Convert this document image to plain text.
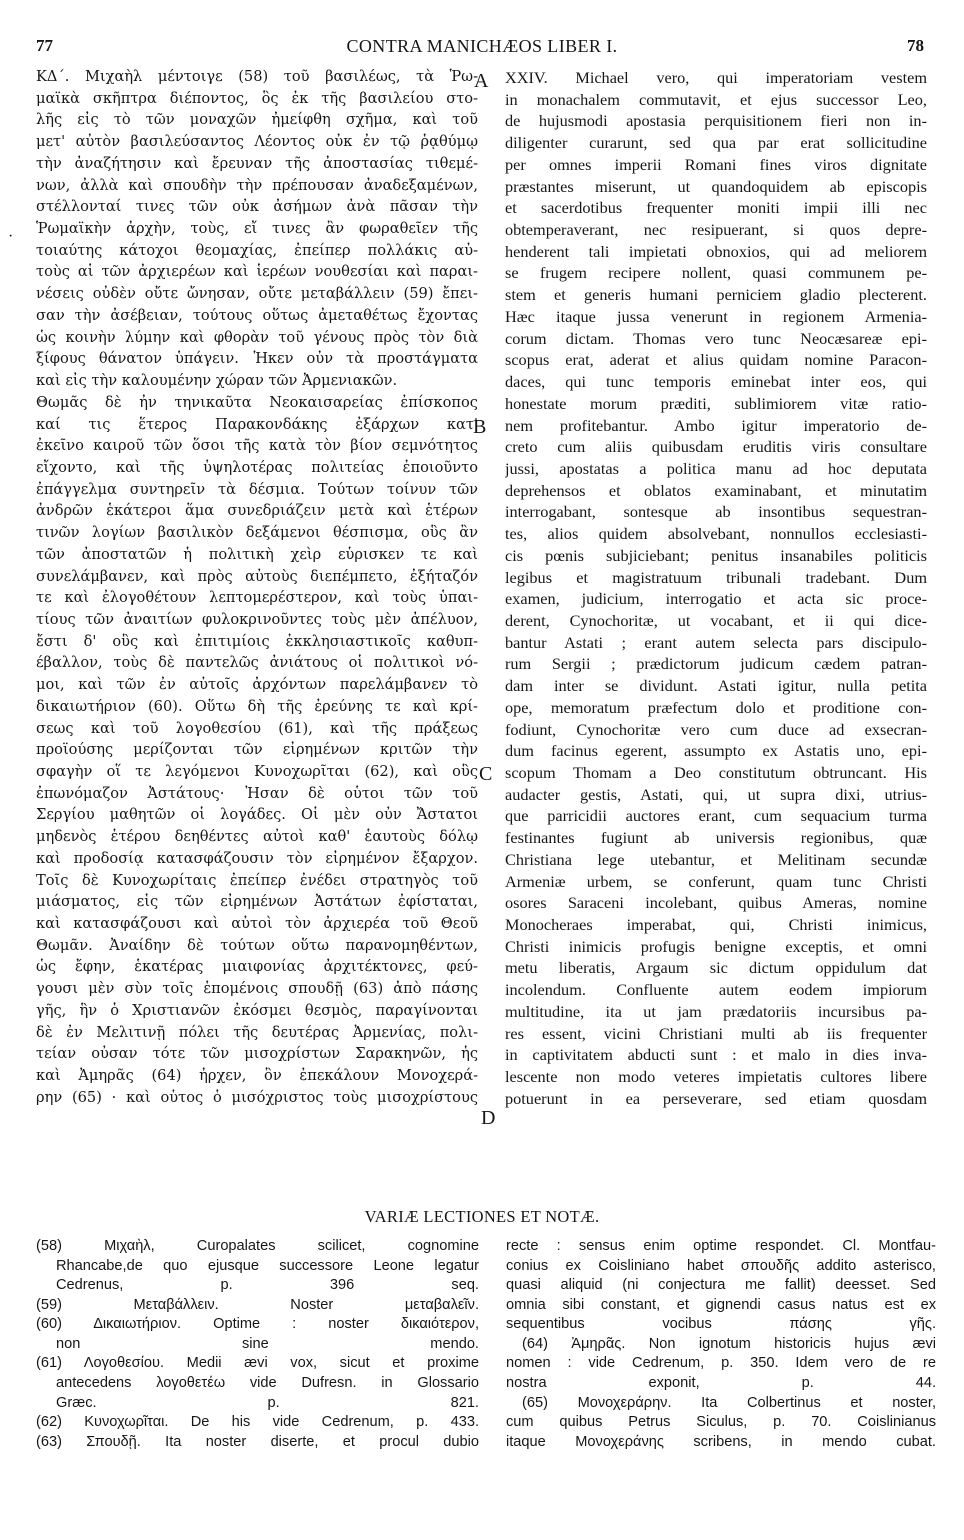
77	CONTRA MANICHÆOS LIBER I.	78
ΚΔ΄. Μιχαὴλ μέντοιγε (58) τοῦ βασιλέως, τὰ Ῥω-
μαϊκὰ σκῆπτρα διέποντος, ὃς ἐκ τῆς βασιλείου στο-
λῆς εἰς τὸ τῶν μοναχῶν ἠμείφθη σχῆμα, καὶ τοῦ
μετ' αὐτὸν βασιλεύσαντος Λέοντος οὐκ ἐν τῷ ῥᾳθύμῳ
τὴν ἀναζήτησιν καὶ ἔρευναν τῆς ἀποστασίας τιθεμέ-
νων, ἀλλὰ καὶ σπουδὴν τὴν πρέπουσαν ἀναδεξαμένων,
στέλλονταί τινες τῶν οὐκ ἀσήμων ἀνὰ πᾶσαν τὴν
Ῥωμαϊκὴν ἀρχὴν, τοὺς, εἴ τινες ἂν φωραθεῖεν τῆς
τοιαύτης κάτοχοι θεομαχίας, ἐπείπερ πολλάκις αὐ-
τοὺς αἱ τῶν ἀρχιερέων καὶ ἱερέων νουθεσίαι καὶ παραι-
νέσεις οὐδὲν οὔτε ὤνησαν, οὔτε μεταβάλλειν (59) ἔπει-
σαν τὴν ἀσέβειαν, τούτους οὕτως ἀμεταθέτως ἔχοντας
ὡς κοινὴν λύμην καὶ φθορὰν τοῦ γένους πρὸς τὸν διὰ
ξίφους θάνατον ὑπάγειν. Ἧκεν οὖν τὰ προστάγματα
καὶ εἰς τὴν καλουμένην χώραν τῶν Ἀρμενιακῶν.
Θωμᾶς δὲ ἦν τηνικαῦτα Νεοκαισαρείας ἐπίσκοπος
καί τις ἕτερος Παρακονδάκης ἐξάρχων κατ'
ἐκεῖνο καιροῦ τῶν ὅσοι τῆς κατὰ τὸν βίον σεμνότητος
εἴχοντο, καὶ τῆς ὑψηλοτέρας πολιτείας ἐποιοῦντο
ἐπάγγελμα συντηρεῖν τὰ δέσμια. Τούτων τοίνυν τῶν
ἀνδρῶν ἑκάτεροι ἅμα συνεδριάζειν μετὰ καὶ ἑτέρων
τινῶν λογίων βασιλικὸν δεξάμενοι θέσπισμα, οὓς ἂν
τῶν ἀποστατῶν ἡ πολιτικὴ χεὶρ εὑρισκεν τε καὶ
συνελάμβανεν, καὶ πρὸς αὐτοὺς διεπέμπετο, ἐξήταζόν
τε καὶ ἐλογοθέτουν λεπτομερέστερον, καὶ τοὺς ὑπαι-
τίους τῶν ἀναιτίων φυλοκρινοῦντες τοὺς μὲν ἀπέλυον,
ἔστι δ' οὓς καὶ ἐπιτιμίοις ἐκκλησιαστικοῖς καθυπ-
έβαλλον, τοὺς δὲ παντελῶς ἀνιάτους οἱ πολιτικοὶ νό-
μοι, καὶ τῶν ἐν αὐτοῖς ἀρχόντων παρελάμβανεν τὸ
δικαιωτήριον (60). Οὕτω δὴ τῆς ἐρεύνης τε καὶ κρί-
σεως καὶ τοῦ λογοθεσίου (61), καὶ τῆς πράξεως
προϊούσης μερίζονται τῶν εἰρημένων κριτῶν τὴν
σφαγὴν οἵ τε λεγόμενοι Κυνοχωρῖται (62), καὶ οὓς
ἐπωνόμαζον Ἀστάτους· Ἦσαν δὲ οὗτοι τῶν τοῦ
Σεργίου μαθητῶν οἱ λογάδες. Οἱ μὲν οὖν Ἄστατοι
μηδενὸς ἑτέρου δεηθέντες αὐτοὶ καθ' ἑαυτοὺς δόλῳ
καὶ προδοσίᾳ κατασφάζουσιν τὸν εἰρημένον ἔξαρχον.
Τοῖς δὲ Κυνοχωρίταις ἐπείπερ ἐνέδει στρατηγὸς τοῦ
μιάσματος, εἷς τῶν εἰρημένων Ἀστάτων ἐφίσταται,
καὶ κατασφάζουσι καὶ αὐτοὶ τὸν ἀρχιερέα τοῦ Θεοῦ
Θωμᾶν. Ἀναίδην δὲ τούτων οὕτω παρανομηθέντων,
ὡς ἔφην, ἑκατέρας μιαιφονίας ἀρχιτέκτονες, φεύ-
γουσι μὲν σὺν τοῖς ἑπομένοις σπουδῇ (63) ἀπὸ πάσης
γῆς, ἣν ὁ Χριστιανῶν ἐκόσμει θεσμὸς, παραγίνονται
δὲ ἐν Μελιτινῇ πόλει τῆς δευτέρας Ἀρμενίας, πολι-
τείαν οὖσαν τότε τῶν μισοχρίστων Σαρακηνῶν, ἧς
καὶ Ἀμηρᾶς (64) ἦρχεν, ὃν ἐπεκάλουν Μονοχερά-
ρην (65) · καὶ οὗτος ὁ μισόχριστος τοὺς μισοχρίστους
XXIV. Michael vero, qui imperatoriam vestem
in monachalem commutavit, et ejus successor Leo,
de hujusmodi apostasia perquisitionem fieri non in-
diligenter curarunt, sed qua par erat sollicitudine
per omnes imperii Romani fines viros dignitate
præstantes miserunt, ut quandoquidem ab episcopis
et sacerdotibus frequenter moniti impii illi nec
obtemperaverant, nec resipuerant, si quos depre-
henderent tali impietati obnoxios, qui ad meliorem
se frugem recipere nollent, quasi communem pe-
stem et generis humani perniciem gladio plecterent.
Hæc itaque jussa venerunt in regionem Armenia-
corum dictam. Thomas vero tunc Neocæsareæ epi-
scopus erat, aderat et alius quidam nomine Paracon-
daces, qui tunc temporis eminebat inter eos, qui
honestate morum præditi, sublimiorem vitæ ratio-
nem profitebantur. Ambo igitur imperatorio de-
creto cum aliis quibusdam eruditis viris consultare
jussi, apostatas a politica manu ad hoc deputata
deprehensos et oblatos examinabant, et minutatim
interrogabant, sontesque ab insontibus sequestran-
tes, alios quidem absolvebant, nonnullos ecclesiasti-
cis pœnis subjiciebant; penitus insanabiles politicis
legibus et magistratuum tribunali tradebant. Dum
examen, judicium, interrogatio et acta sic proce-
derent, Cynochoritæ, ut vocabant, et ii qui dice-
bantur Astati ; erant autem selecta pars discipulo-
rum Sergii ; prædictorum judicum cædem patran-
dam inter se dividunt. Astati igitur, nulla petita
ope, memoratum præfectum dolo et proditione con-
fodiunt, Cynochoritæ vero cum duce ad exsecran-
dum facinus egerent, assumpto ex Astatis uno, epi-
scopum Thomam a Deo constitutum obtruncant. His
audacter gestis, Astati, qui, ut supra dixi, utrius-
que parricidii auctores erant, cum sequacium turma
festinantes fugiunt ab universis regionibus, quæ
Christiana lege utebantur, et Melitinam secundæ
Armeniæ urbem, se conferunt, quam tunc Christi
osores Saraceni incolebant, quibus Ameras, nomine
Monocheraes imperabat, qui, Christi inimicus,
Christi inimicis profugis benigne exceptis, et omni
metu liberatis, Argaum sic dictum oppidulum dat
incolendum. Confluente autem eodem impiorum
multitudine, ita ut jam prædatoriis incursibus pa-
res essent, vicini Christiani multi ab iis frequenter
in captivitatem abducti sunt : et malo in dies inva-
lescente non modo veteres impietatis cultores libere
potuerunt in ea perseverare, sed etiam quosdam
A
B
C
D
·
VARIÆ LECTIONES ET NOTÆ.
(58) Μιχαὴλ, Curopalates scilicet, cognomine
Rhancabe,de quo ejusque successore Leone legatur
Cedrenus, p. 396 seq.
(59) Μεταβάλλειν. Noster μεταβαλεῖν.
(60) Δικαιωτήριον. Optime : noster δικαιότερον,
non sine mendo.
(61) Λογοθεσίου. Medii ævi vox, sicut et proxime
antecedens λογοθετέω vide Dufresn. in Glossario
Græc. p. 821.
(62) Κυνοχωρῖται. De his vide Cedrenum, p. 433.
(63) Σπουδῇ. Ita noster diserte, et procul dubio
recte : sensus enim optime respondet. Cl. Montfau-
conius ex Coisliniano habet σπουδῆς addito asterisco,
quasi aliquid (ni conjectura me fallit) deesset. Sed
omnia sibi constant, et gignendi casus natus est ex
sequentibus vocibus πάσης γῆς.
(64) Ἀμηρᾶς. Non ignotum historicis hujus ævi
nomen : vide Cedrenum, p. 350. Idem vero de re
nostra exponit, p. 44.
(65) Μονοχεράρην. Ita Colbertinus et noster,
cum quibus Petrus Siculus, p. 70. Coislinianus
itaque Μονοχεράνης scribens, in mendo cubat.
